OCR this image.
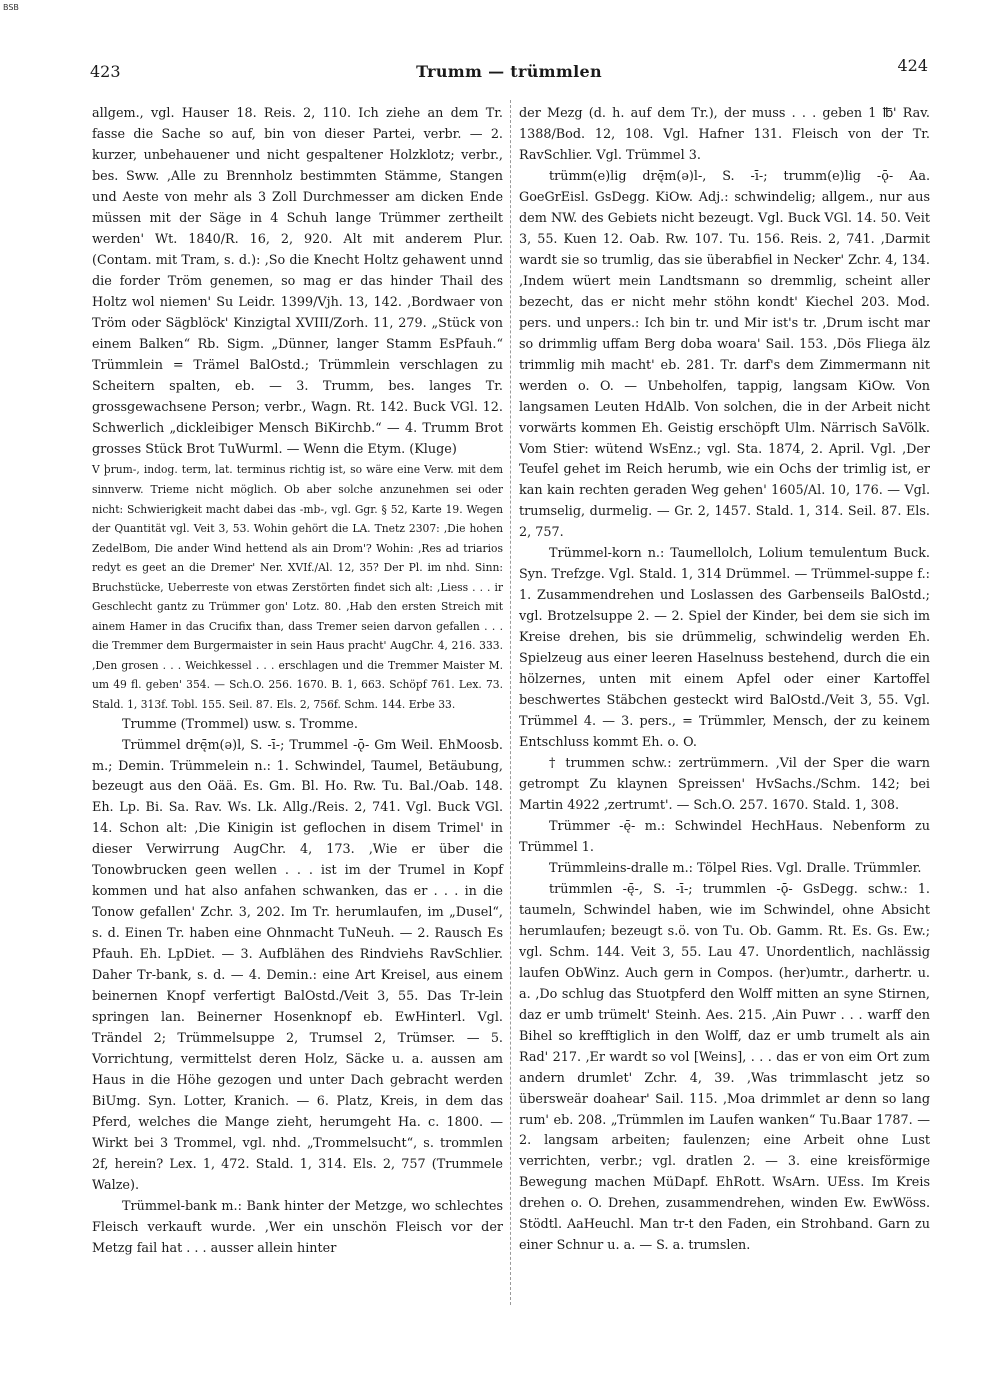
BSB
423	Trumm — trümmlen	424

allgem., vgl. Hauser 18. Reis. 2, 110. Ich ziehe an dem Tr. fasse die Sache so auf, bin von dieser Partei, verbr. — 2. kurzer, unbehauener und nicht gespaltener Holzklotz; verbr., bes. Sww. ‚Alle zu Brennholz bestimmten Stämme, Stangen und Aeste von mehr als 3 Zoll Durchmesser am dicken Ende müssen mit der Säge in 4 Schuh lange Trümmer zertheilt werden' Wt. 1840/R. 16, 2, 920. Alt mit anderem Plur. (Contam. mit Tram, s. d.): ‚So die Knecht Holtz gehawent unnd die forder Tröm genemen, so mag er das hinder Thail des Holtz wol niemen' Su Leidr. 1399/Vjh. 13, 142. ‚Bordwaer von Tröm oder Sägblöck' Kinzigtal XVIII/Zorh. 11, 279. „Stück von einem Balken“ Rb. Sigm. „Dünner, langer Stamm EsPfauh.“ Trümmlein = Trämel BalOstd.; Trümmlein verschlagen zu Scheitern spalten, eb. — 3. Trumm, bes. langes Tr. grossgewachsene Person; verbr., Wagn. Rt. 142. Buck VGl. 12. Schwerlich „dickleibiger Mensch BiKirchb.“ — 4. Trumm Brot grosses Stück Brot TuWurml. — Wenn die Etym. (Kluge)

V þrum-, indog. term, lat. terminus richtig ist, so wäre eine Verw. mit dem sinnverw. Trieme nicht möglich. Ob aber solche anzunehmen sei oder nicht: Schwierigkeit macht dabei das -mb-, vgl. Ggr. § 52, Karte 19. Wegen der Quantität vgl. Veit 3, 53. Wohin gehört die LA. Tnetz 2307: ‚Die hohen ZedelBom, Die ander Wind hettend als ain Drom'? Wohin: ‚Res ad triarios redyt es geet an die Dremer' Ner. XVIf./Al. 12, 35? Der Pl. im nhd. Sinn: Bruchstücke, Ueberreste von etwas Zerstörten findet sich alt: ‚Liess . . . ir Geschlecht gantz zu Trümmer gon' Lotz. 80. ‚Hab den ersten Streich mit ainem Hamer in das Crucifix than, dass Tremer seien darvon gefallen . . . die Tremmer dem Burgermaister in sein Haus pracht' AugChr. 4, 216. 333. ‚Den grosen . . . Weichkessel . . . erschlagen und die Tremmer Maister M. um 49 fl. geben' 354. — Sch.O. 256. 1670. B. 1, 663. Schöpf 761. Lex. 73. Stald. 1, 313f. Tobl. 155. Seil. 87. Els. 2, 756f. Schm. 144. Erbe 33.

Trumme (Trommel) usw. s. Tromme.

Trümmel drę̄m(ə)l, S. -ī-; Trummel -ǭ- Gm Weil. EhMoosb. m.; Demin. Trümmelein n.: 1. Schwindel, Taumel, Betäubung, bezeugt aus den Oää. Es. Gm. Bl. Ho. Rw. Tu. Bal./Oab. 148. Eh. Lp. Bi. Sa. Rav. Ws. Lk. Allg./Reis. 2, 741. Vgl. Buck VGl. 14. Schon alt: ‚Die Kinigin ist geflochen in disem Trimel' in dieser Verwirrung AugChr. 4, 173. ‚Wie er über die Tonowbrucken geen wellen . . . ist im der Trumel in Kopf kommen und hat also anfahen schwanken, das er . . . in die Tonow gefallen' Zchr. 3, 202. Im Tr. herumlaufen, im „Dusel“, s. d. Einen Tr. haben eine Ohnmacht TuNeuh. — 2. Rausch Es Pfauh. Eh. LpDiet. — 3. Aufblähen des Rindviehs RavSchlier. Daher Tr-bank, s. d. — 4. Demin.: eine Art Kreisel, aus einem beinernen Knopf verfertigt BalOstd./Veit 3, 55. Das Tr-lein springen lan. Beinerner Hosenknopf eb. EwHinterl. Vgl. Trändel 2; Trümmelsuppe 2, Trumsel 2, Trümser. — 5. Vorrichtung, vermittelst deren Holz, Säcke u. a. aussen am Haus in die Höhe gezogen und unter Dach gebracht werden BiUmg. Syn. Lotter, Kranich. — 6. Platz, Kreis, in dem das Pferd, welches die Mange zieht, herumgeht Ha. c. 1800. — Wirkt bei 3 Trommel, vgl. nhd. „Trommelsucht“, s. trommlen 2f, herein? Lex. 1, 472. Stald. 1, 314. Els. 2, 757 (Trummele Walze).

Trümmel-bank m.: Bank hinter der Metzge, wo schlechtes Fleisch verkauft wurde. ‚Wer ein unschön Fleisch vor der Metzg fail hat . . . ausser allein hinter

der Mezg (d. h. auf dem Tr.), der muss . . . geben 1 ℔' Rav. 1388/Bod. 12, 108. Vgl. Hafner 131. Fleisch von der Tr. RavSchlier. Vgl. Trümmel 3.

trümm(e)lig drę̄m(ə)l-, S. -ī-; trumm(e)lig -ǭ- Aa. GoeGrEisl. GsDegg. KiOw. Adj.: schwindelig; allgem., nur aus dem NW. des Gebiets nicht bezeugt. Vgl. Buck VGl. 14. 50. Veit 3, 55. Kuen 12. Oab. Rw. 107. Tu. 156. Reis. 2, 741. ‚Darmit wardt sie so trumlig, das sie überabfiel in Necker' Zchr. 4, 134. ‚Indem wüert mein Landtsmann so dremmlig, scheint aller bezecht, das er nicht mehr stöhn kondt' Kiechel 203. Mod. pers. und unpers.: Ich bin tr. und Mir ist's tr. ‚Drum ischt mar so drimmlig uffam Berg doba woara' Sail. 153. ‚Dös Fliega älz trimmlig mih macht' eb. 281. Tr. darf's dem Zimmermann nit werden o. O. — Unbeholfen, tappig, langsam KiOw. Von langsamen Leuten HdAlb. Von solchen, die in der Arbeit nicht vorwärts kommen Eh. Geistig erschöpft Ulm. Närrisch SaVölk. Vom Stier: wütend WsEnz.; vgl. Sta. 1874, 2. April. Vgl. ‚Der Teufel gehet im Reich herumb, wie ein Ochs der trimlig ist, er kan kain rechten geraden Weg gehen' 1605/Al. 10, 176. — Vgl. trumselig, durmelig. — Gr. 2, 1457. Stald. 1, 314. Seil. 87. Els. 2, 757.

Trümmel-korn n.: Taumellolch, Lolium temulentum Buck. Syn. Trefzge. Vgl. Stald. 1, 314 Drümmel. — Trümmel-suppe f.: 1. Zusammendrehen und Loslassen des Garbenseils BalOstd.; vgl. Brotzelsuppe 2. — 2. Spiel der Kinder, bei dem sie sich im Kreise drehen, bis sie drümmelig, schwindelig werden Eh. Spielzeug aus einer leeren Haselnuss bestehend, durch die ein hölzernes, unten mit einem Apfel oder einer Kartoffel beschwertes Stäbchen gesteckt wird BalOstd./Veit 3, 55. Vgl. Trümmel 4. — 3. pers., = Trümmler, Mensch, der zu keinem Entschluss kommt Eh. o. O.

† trummen schw.: zertrümmern. ‚Vil der Sper die warn getrompt Zu klaynen Spreissen' HvSachs./Schm. 142; bei Martin 4922 ‚zertrumt'. — Sch.O. 257. 1670. Stald. 1, 308.

Trümmer -ę̄- m.: Schwindel HechHaus. Nebenform zu Trümmel 1.

Trümmleins-dralle m.: Tölpel Ries. Vgl. Dralle. Trümmler.

trümmlen -ę̄-, S. -ī-; trummlen -ǭ- GsDegg. schw.: 1. taumeln, Schwindel haben, wie im Schwindel, ohne Absicht herumlaufen; bezeugt s.ö. von Tu. Ob. Gamm. Rt. Es. Gs. Ew.; vgl. Schm. 144. Veit 3, 55. Lau 47. Unordentlich, nachlässig laufen ObWinz. Auch gern in Compos. (her)umtr., darhertr. u. a. ‚Do schlug das Stuotpferd den Wolff mitten an syne Stirnen, daz er umb trümelt' Steinh. Aes. 215. ‚Ain Puwr . . . warff den Bihel so krefftiglich in den Wolff, daz er umb trumelt als ain Rad' 217. ‚Er wardt so vol [Weins], . . . das er von eim Ort zum andern drumlet' Zchr. 4, 39. ‚Was trimmlascht jetz so übersweär doahear' Sail. 115. ‚Moa drimmlet ar denn so lang rum' eb. 208. „Trümmlen im Laufen wanken“ Tu.Baar 1787. — 2. langsam arbeiten; faulenzen; eine Arbeit ohne Lust verrichten, verbr.; vgl. dratlen 2. — 3. eine kreisförmige Bewegung machen MüDapf. EhRott. WsArn. UEss. Im Kreis drehen o. O. Drehen, zusammendrehen, winden Ew. EwWöss. Stödtl. AaHeuchl. Man tr-t den Faden, ein Strohband. Garn zu einer Schnur u. a. — S. a. trumslen.
